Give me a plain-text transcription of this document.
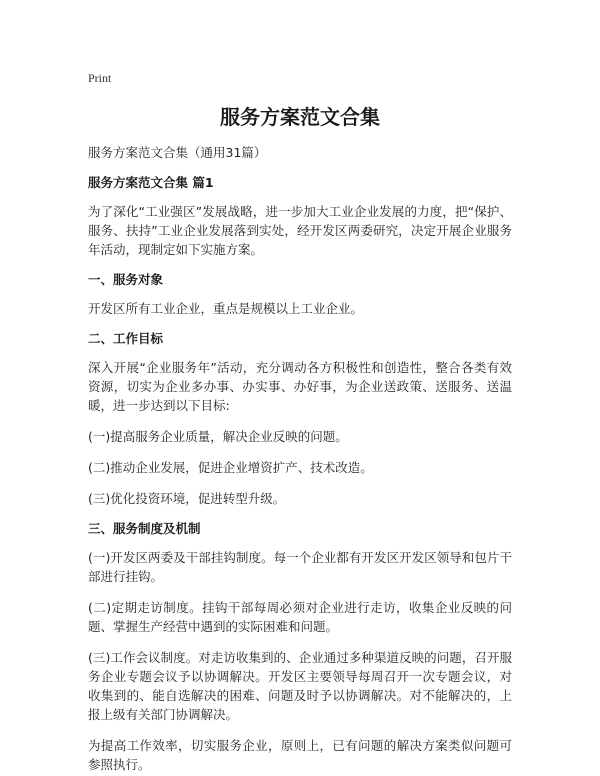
Print
服务方案范文合集

服务方案范文合集（通用31篇）

服务方案范文合集 篇1

为了深化“工业强区”发展战略，进一步加大工业企业发展的力度，把“保护、服务、扶持”工业企业发展落到实处，经开发区两委研究，决定开展企业服务年活动，现制定如下实施方案。

一、服务对象

开发区所有工业企业，重点是规模以上工业企业。

二、工作目标

深入开展“企业服务年”活动，充分调动各方积极性和创造性，整合各类有效资源，切实为企业多办事、办实事、办好事，为企业送政策、送服务、送温暖，进一步达到以下目标:

(一)提高服务企业质量，解决企业反映的问题。

(二)推动企业发展，促进企业增资扩产、技术改造。

(三)优化投资环境，促进转型升级。

三、服务制度及机制

(一)开发区两委及干部挂钩制度。每一个企业都有开发区开发区领导和包片干部进行挂钩。

(二)定期走访制度。挂钩干部每周必须对企业进行走访，收集企业反映的问题、掌握生产经营中遇到的实际困难和问题。

(三)工作会议制度。对走访收集到的、企业通过多种渠道反映的问题，召开服务企业专题会议予以协调解决。开发区主要领导每周召开一次专题会议，对收集到的、能自选解决的困难、问题及时予以协调解决。对不能解决的，上报上级有关部门协调解决。

为提高工作效率，切实服务企业，原则上，已有问题的解决方案类似问题可参照执行。
